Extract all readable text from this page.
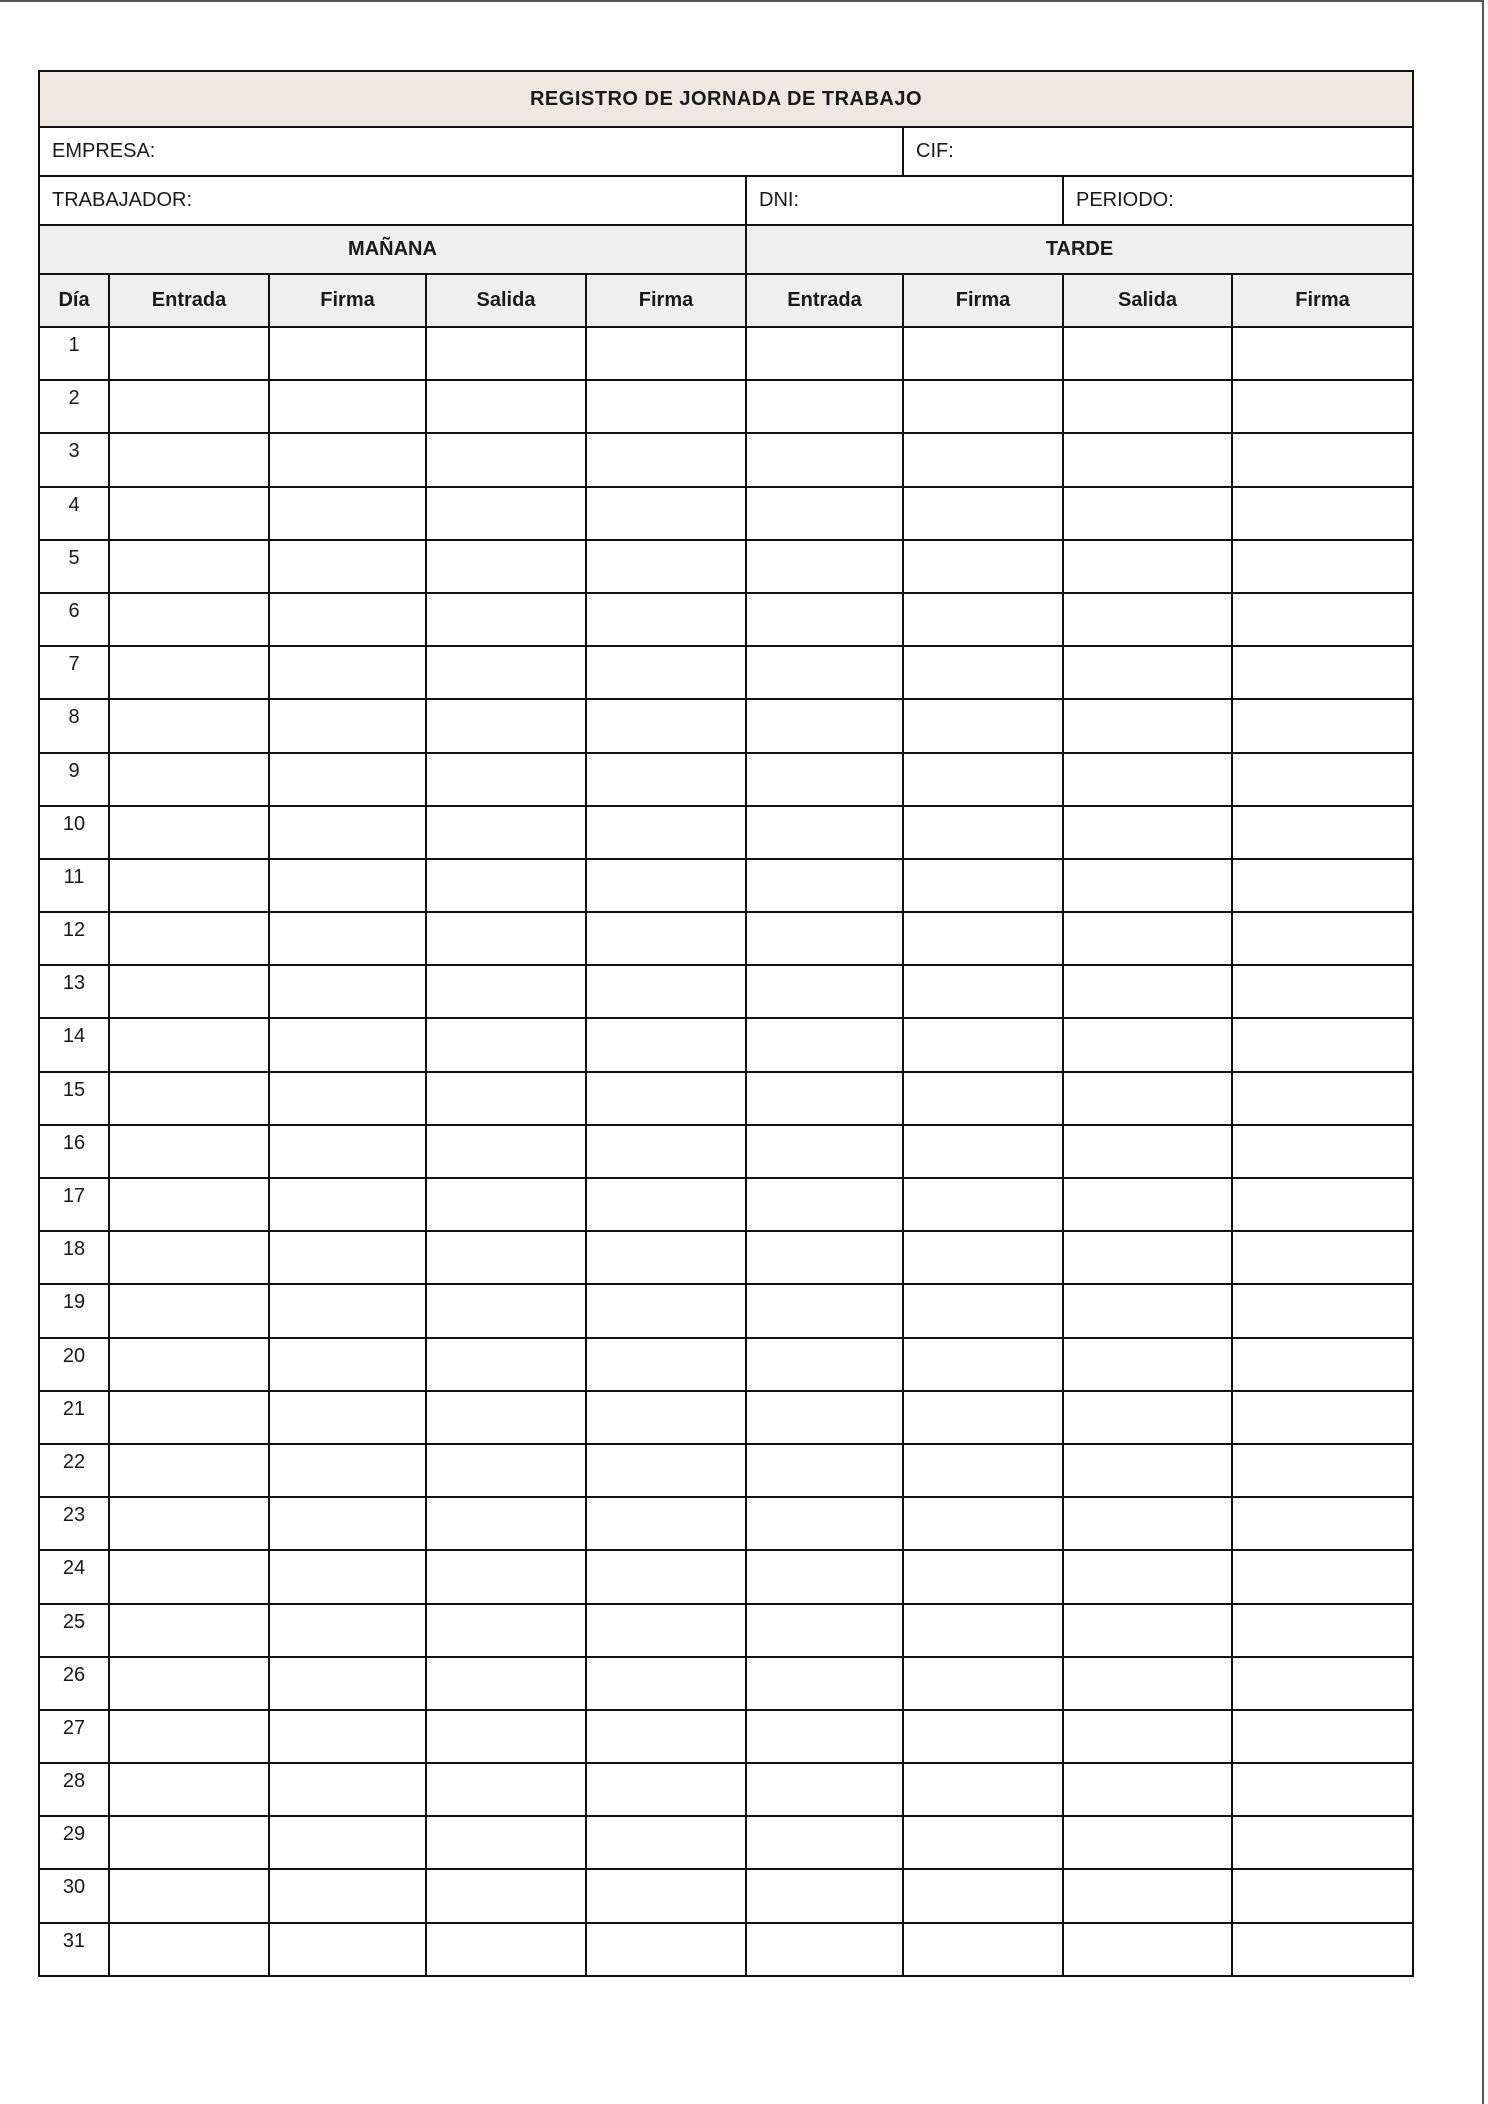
REGISTRO DE JORNADA DE TRABAJO								
EMPRESA:						CIF:		
TRABAJADOR:					DNI:		PERIODO:	
MAÑANA					TARDE			
Día	Entrada	Firma	Salida	Firma	Entrada	Firma	Salida	Firma
1								
2								
3								
4								
5								
6								
7								
8								
9								
10								
11								
12								
13								
14								
15								
16								
17								
18								
19								
20								
21								
22								
23								
24								
25								
26								
27								
28								
29								
30								
31								
